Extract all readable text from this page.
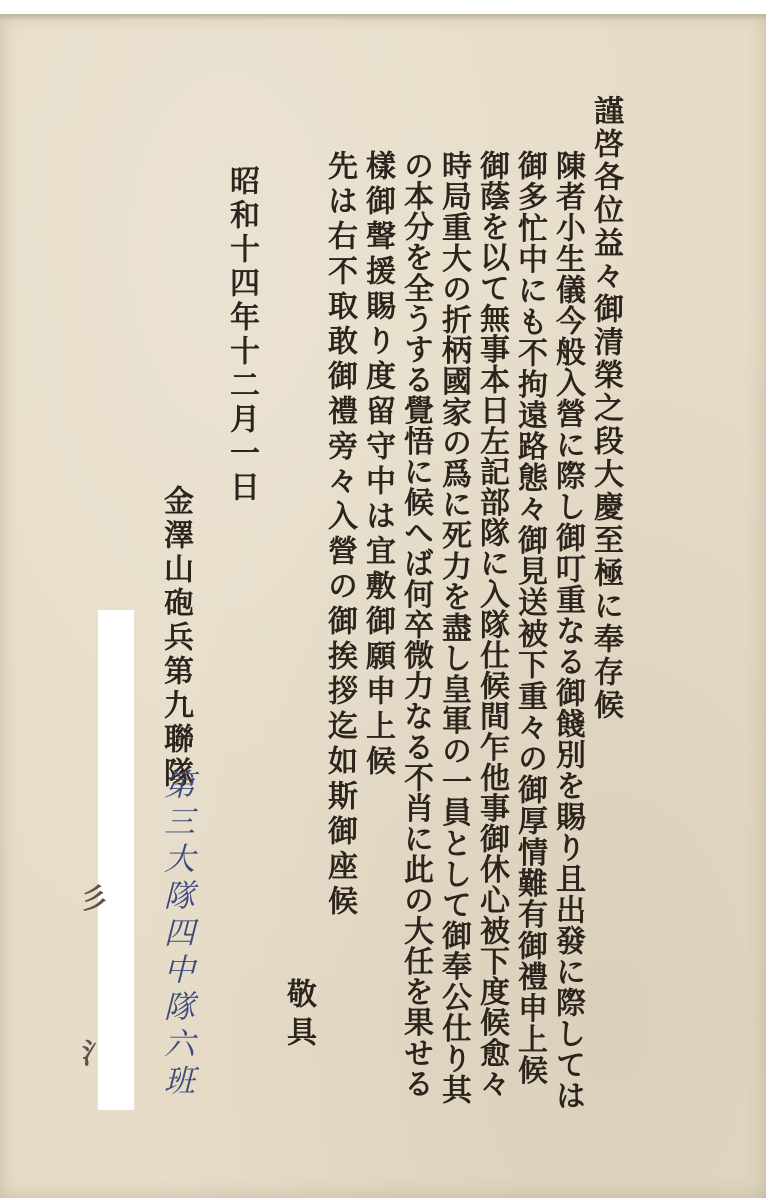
謹啓各位益々御清榮之段大慶至極に奉存候
陳者小生儀今般入營に際し御叮重なる御餞別を賜り且出發に際しては
御多忙中にも不拘遠路態々御見送被下重々の御厚情難有御禮申上候
御蔭を以て無事本日左記部隊に入隊仕候間乍他事御休心被下度候愈々
時局重大の折柄國家の爲に死力を盡し皇軍の一員として御奉公仕り其
の本分を全うする覺悟に候へば何卒微力なる不肖に此の大任を果せる
樣御聲援賜り度留守中は宜敷御願申上候
先は右不取敢御禮旁々入營の御挨拶迄如斯御座候
敬具
昭和十四年十二月一日
金澤山砲兵第九聯隊
第三大隊四中隊六班
彡
氵
